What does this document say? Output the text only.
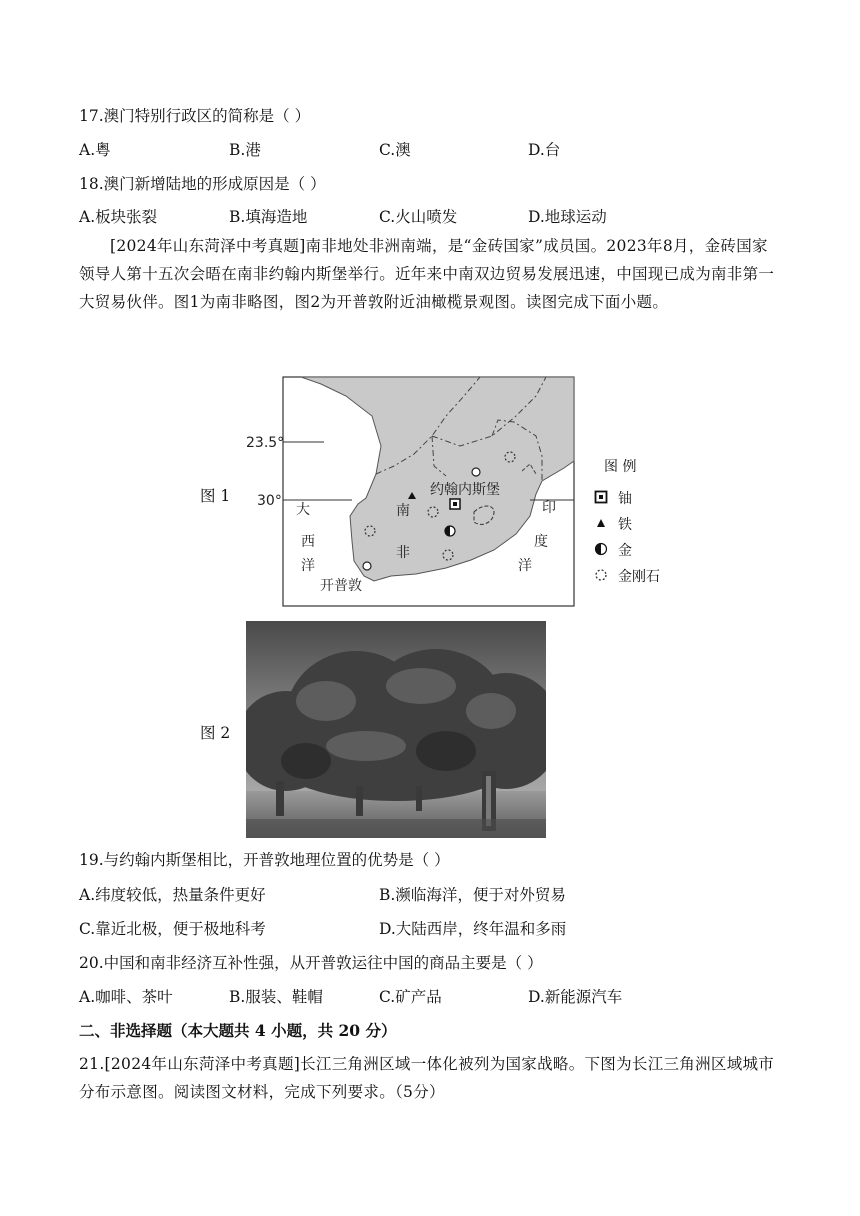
17.澳门特别行政区的简称是（ ）
A.粤	B.港	C.澳	D.台
18.澳门新增陆地的形成原因是（ ）
A.板块张裂	B.填海造地	C.火山喷发	D.地球运动
[2024年山东菏泽中考真题]南非地处非洲南端，是“金砖国家”成员国。2023年8月，金砖国家领导人第十五次会晤在南非约翰内斯堡举行。近年来中南双边贸易发展迅速，中国现已成为南非第一大贸易伙伴。图1为南非略图，图2为开普敦附近油橄榄景观图。读图完成下面小题。
图 1
23.5°
30°
大
西
洋
印
度
洋
南
非
约翰内斯堡
开普敦
图 例
铀
铁
金
金刚石
图 2
19.与约翰内斯堡相比，开普敦地理位置的优势是（ ）
A.纬度较低，热量条件更好	B.濒临海洋，便于对外贸易
C.靠近北极，便于极地科考	D.大陆西岸，终年温和多雨
20.中国和南非经济互补性强，从开普敦运往中国的商品主要是（ ）
A.咖啡、茶叶	B.服装、鞋帽	C.矿产品	D.新能源汽车
二、非选择题（本大题共 4 小题，共 20 分）
21.[2024年山东菏泽中考真题]长江三角洲区域一体化被列为国家战略。下图为长江三角洲区域城市分布示意图。阅读图文材料，完成下列要求。（5分）
